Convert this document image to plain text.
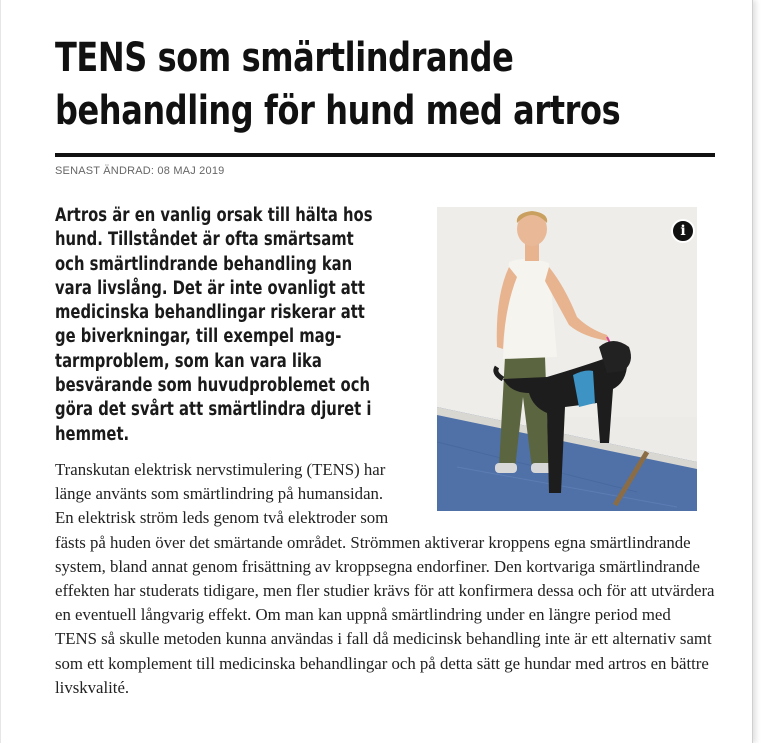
TENS som smärtlindrande behandling för hund med artros
SENAST ÄNDRAD: 08 MAJ 2019

Artros är en vanlig orsak till hälta hos hund. Tillståndet är ofta smärtsamt och smärtlindrande behandling kan vara livslång. Det är inte ovanligt att medicinska behandlingar riskerar att ge biverkningar, till exempel mag-tarmproblem, som kan vara lika besvärande som huvudproblemet och göra det svårt att smärtlindra djuret i hemmet.

i

Transkutan elektrisk nervstimulering (TENS) har länge använts som smärtlindring på humansidan. En elektrisk ström leds genom två elektroder som fästs på huden över det smärtande området. Strömmen aktiverar kroppens egna smärtlindrande system, bland annat genom frisättning av kroppsegna endorfiner. Den kortvariga smärtlindrande effekten har studerats tidigare, men fler studier krävs för att konfirmera dessa och för att utvärdera en eventuell långvarig effekt. Om man kan uppnå smärtlindring under en längre period med TENS så skulle metoden kunna användas i fall då medicinsk behandling inte är ett alternativ samt som ett komplement till medicinska behandlingar och på detta sätt ge hundar med artros en bättre livskvalité.
